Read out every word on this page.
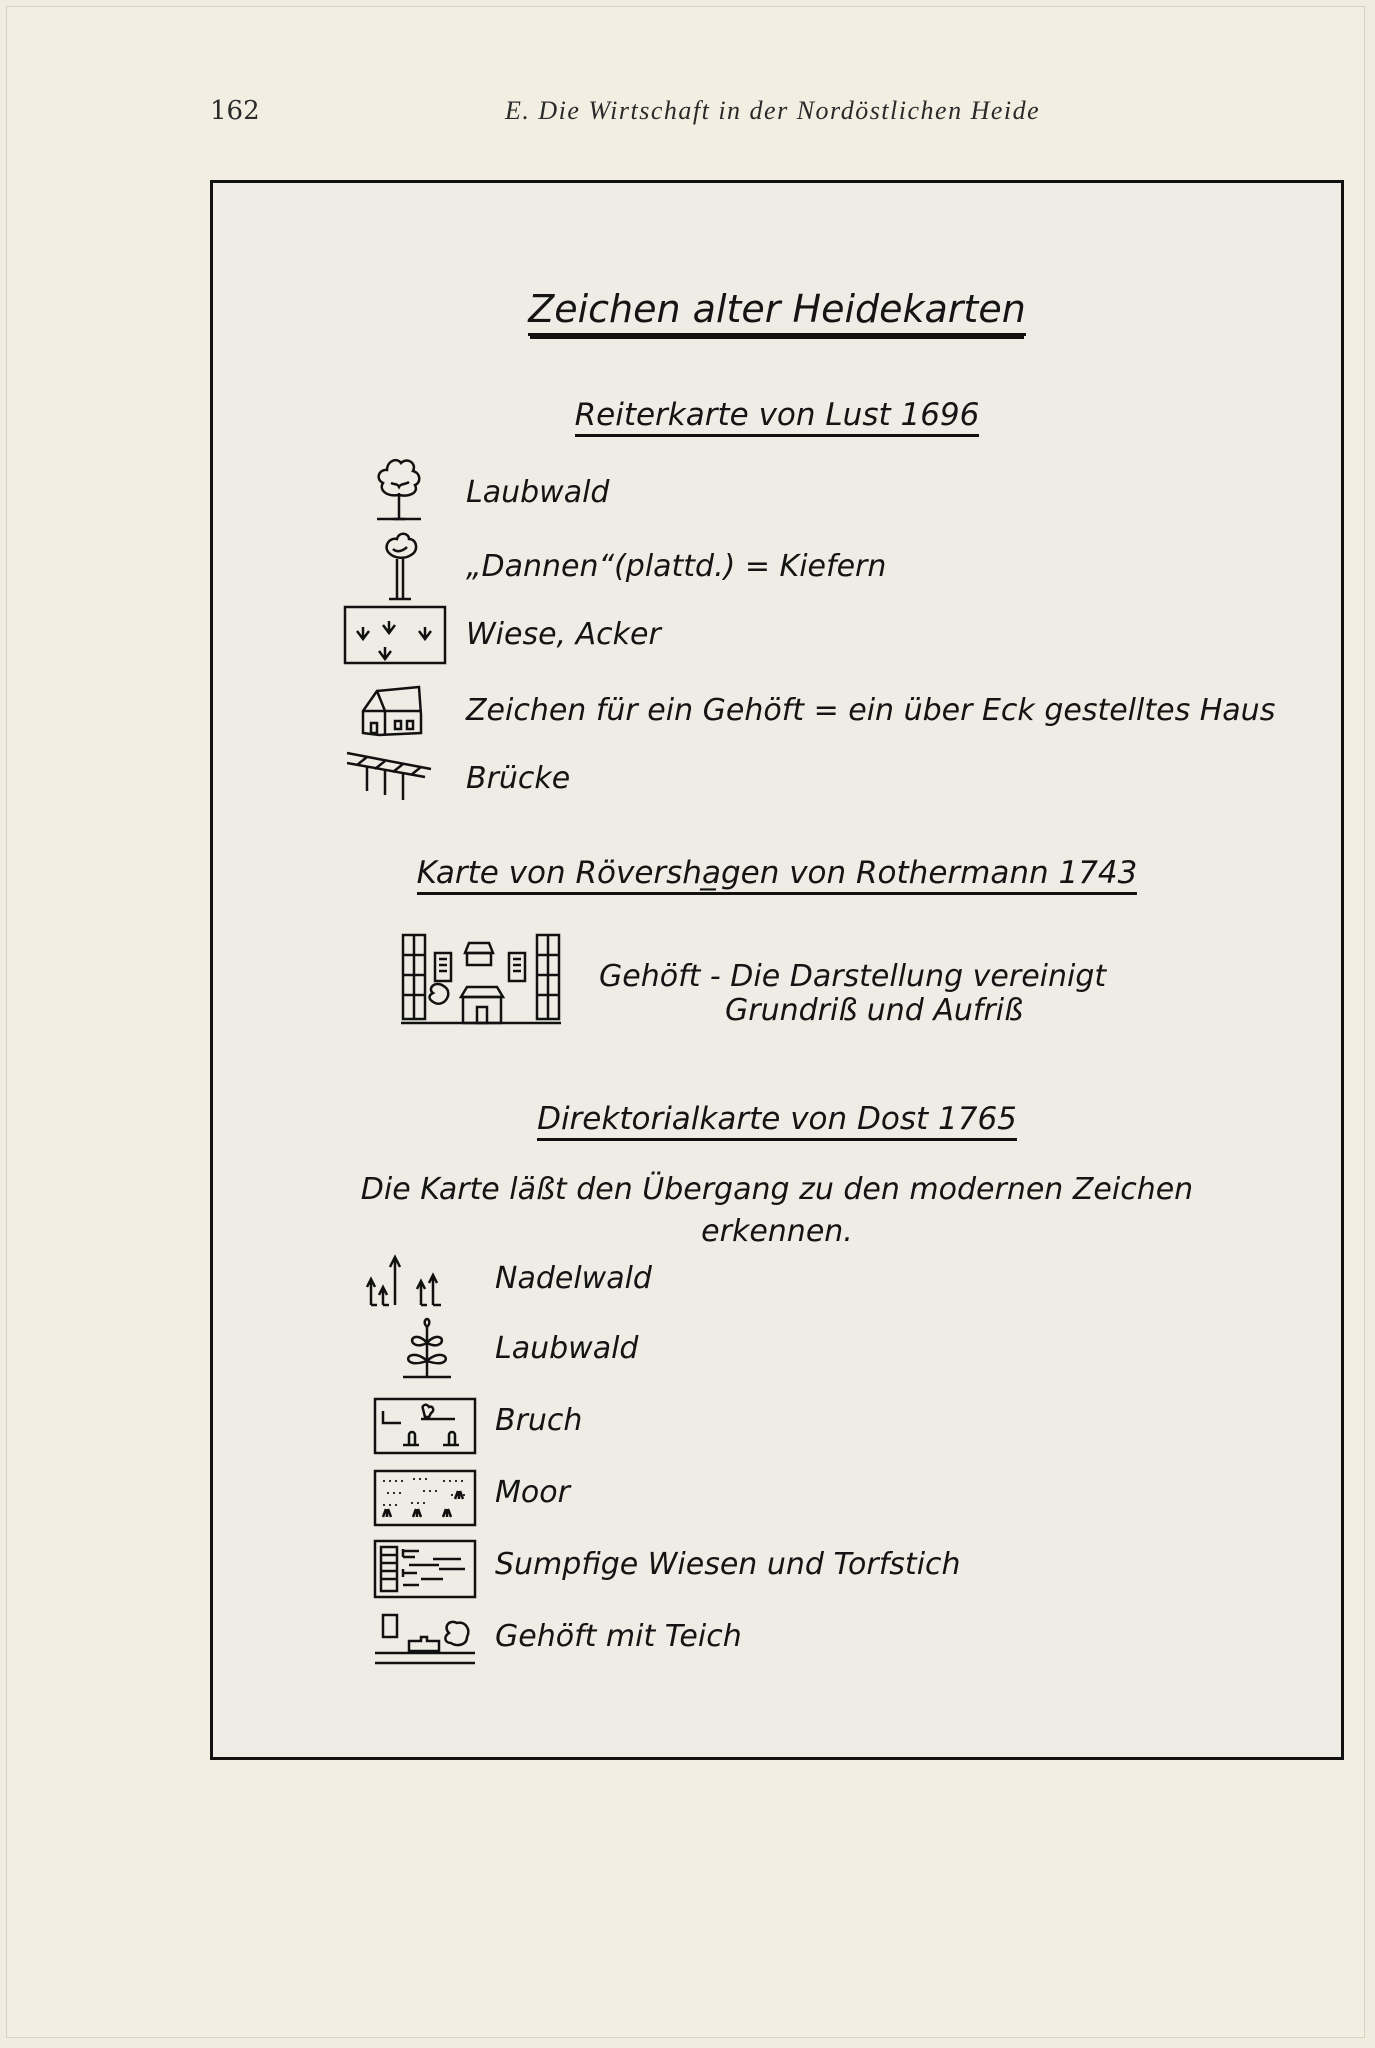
162	E. Die Wirtschaft in der Nordöstlichen Heide
Zeichen alter Heidekarten
Reiterkarte von Lust 1696
Laubwald
„Dannen“(plattd.) = Kiefern
Wiese, Acker
Zeichen für ein Gehöft = ein über Eck gestelltes Haus
Brücke
Karte von Röversha̲gen von Rothermann 1743
Gehöft - Die Darstellung vereinigt
Grundriß und Aufriß
Direktorialkarte von Dost 1765
Die Karte läßt den Übergang zu den modernen Zeichen
erkennen.
Nadelwald
Laubwald
Bruch
Moor
Sumpfige Wiesen und Torfstich
Gehöft mit Teich
